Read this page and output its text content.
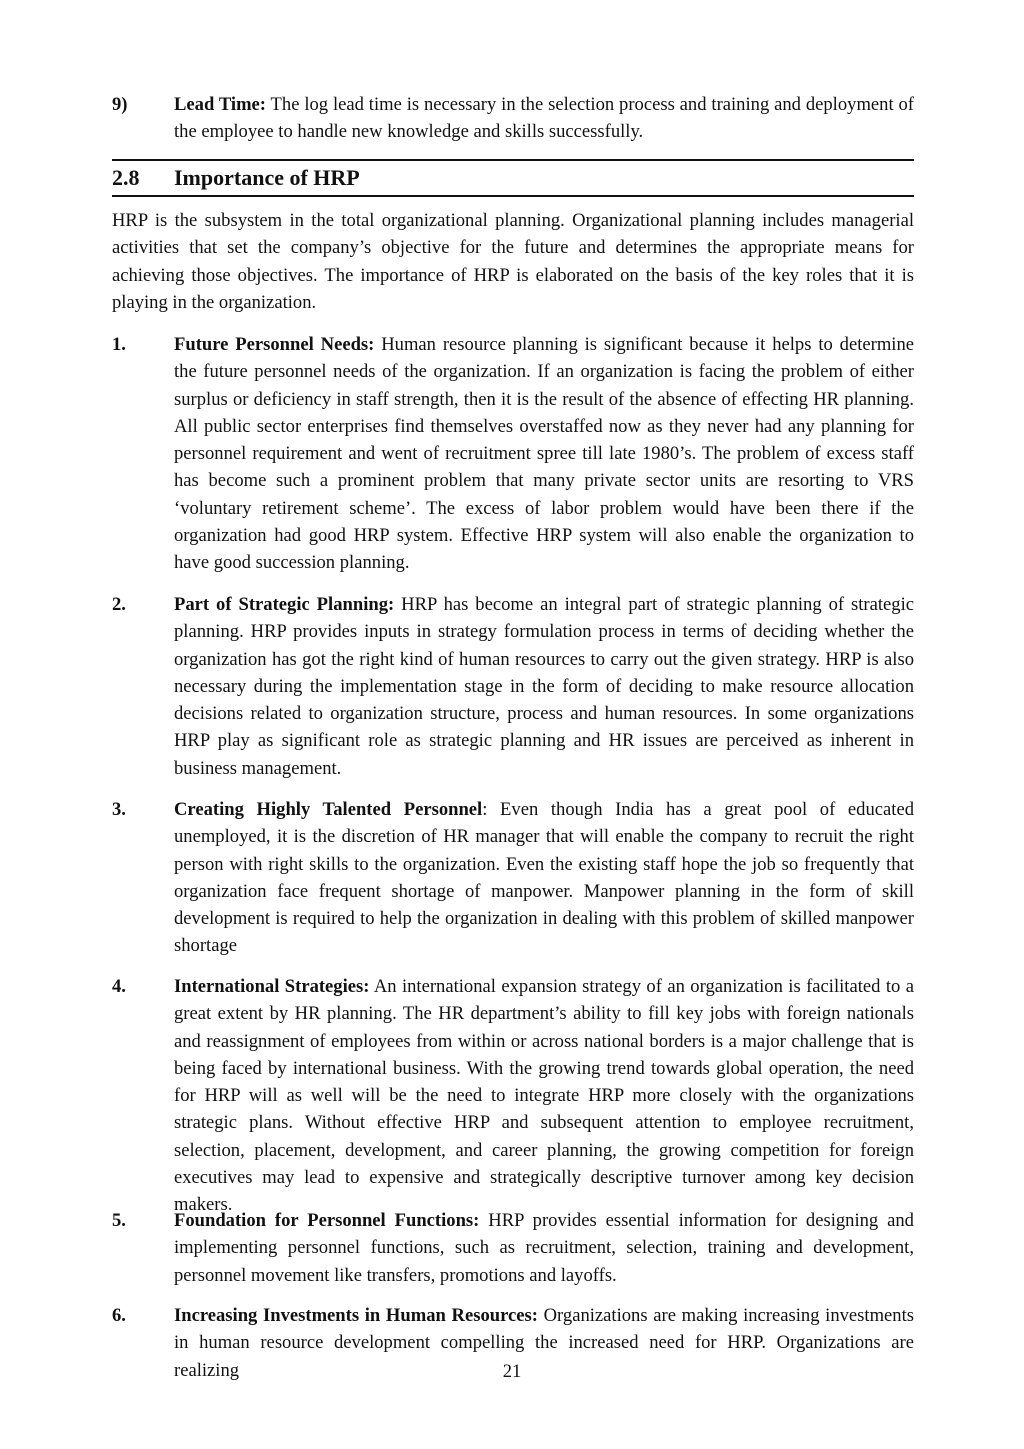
9)	Lead Time: The log lead time is necessary in the selection process and training and deployment of the employee to handle new knowledge and skills successfully.
2.8 Importance of HRP
HRP is the subsystem in the total organizational planning. Organizational planning includes managerial activities that set the company’s objective for the future and determines the appropriate means for achieving those objectives. The importance of HRP is elaborated on the basis of the key roles that it is playing in the organization.
1.	Future Personnel Needs: Human resource planning is significant because it helps to determine the future personnel needs of the organization. If an organization is facing the problem of either surplus or deficiency in staff strength, then it is the result of the absence of effecting HR planning. All public sector enterprises find themselves overstaffed now as they never had any planning for personnel requirement and went of recruitment spree till late 1980’s. The problem of excess staff has become such a prominent problem that many private sector units are resorting to VRS ‘voluntary retirement scheme’. The excess of labor problem would have been there if the organization had good HRP system. Effective HRP system will also enable the organization to have good succession planning.
2.	Part of Strategic Planning: HRP has become an integral part of strategic planning of strategic planning. HRP provides inputs in strategy formulation process in terms of deciding whether the organization has got the right kind of human resources to carry out the given strategy. HRP is also necessary during the implementation stage in the form of deciding to make resource allocation decisions related to organization structure, process and human resources. In some organizations HRP play as significant role as strategic planning and HR issues are perceived as inherent in business management.
3.	Creating Highly Talented Personnel: Even though India has a great pool of educated unemployed, it is the discretion of HR manager that will enable the company to recruit the right person with right skills to the organization. Even the existing staff hope the job so frequently that organization face frequent shortage of manpower. Manpower planning in the form of skill development is required to help the organization in dealing with this problem of skilled manpower shortage
4.	International Strategies: An international expansion strategy of an organization is facilitated to a great extent by HR planning. The HR department’s ability to fill key jobs with foreign nationals and reassignment of employees from within or across national borders is a major challenge that is being faced by international business. With the growing trend towards global operation, the need for HRP will as well will be the need to integrate HRP more closely with the organizations strategic plans. Without effective HRP and subsequent attention to employee recruitment, selection, placement, development, and career planning, the growing competition for foreign executives may lead to expensive and strategically descriptive turnover among key decision makers.
5.	Foundation for Personnel Functions: HRP provides essential information for designing and implementing personnel functions, such as recruitment, selection, training and development, personnel movement like transfers, promotions and layoffs.
6.	Increasing Investments in Human Resources: Organizations are making increasing investments in human resource development compelling the increased need for HRP. Organizations are realizing	21
